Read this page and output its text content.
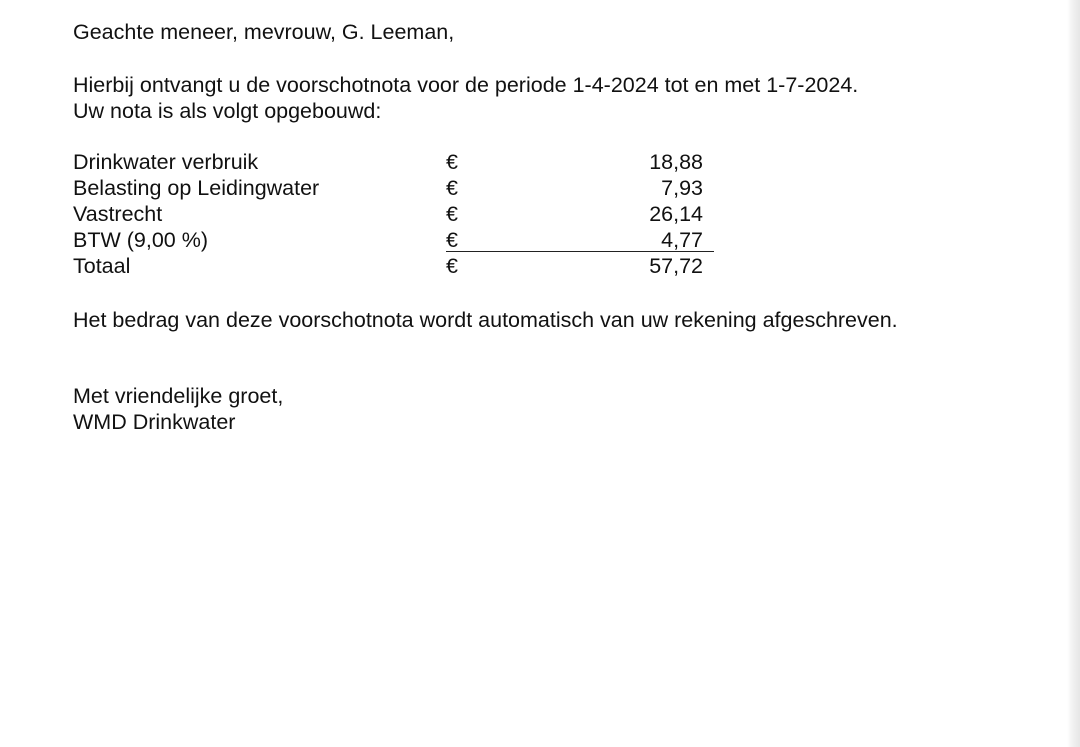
Geachte meneer, mevrouw, G. Leeman,
Hierbij ontvangt u de voorschotnota voor de periode 1-4-2024 tot en met 1-7-2024.
Uw nota is als volgt opgebouwd:
Drinkwater verbruik	€	18,88
Belasting op Leidingwater	€	7,93
Vastrecht	€	26,14
BTW (9,00 %)	€	4,77
Totaal	€	57,72
Het bedrag van deze voorschotnota wordt automatisch van uw rekening afgeschreven.
Met vriendelijke groet,
WMD Drinkwater
